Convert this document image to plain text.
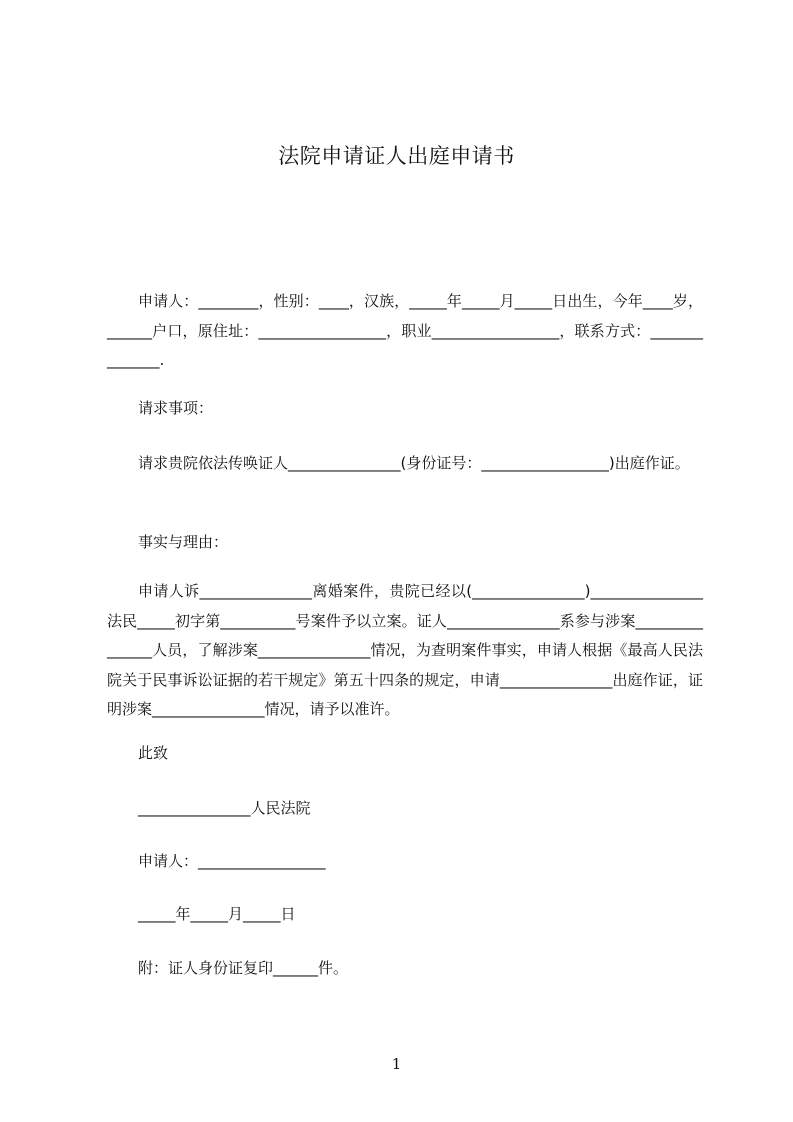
法院申请证人出庭申请书
申请人：________，性别：____，汉族，_____年_____月_____日出生，今年____岁，______户口，原住址：_________________，职业_________________，联系方式：______________.
请求事项：
请求贵院依法传唤证人_______________(身份证号：_________________)出庭作证。
事实与理由：
申请人诉_______________离婚案件，贵院已经以(_______________)_______________法民_____初字第__________号案件予以立案。证人_______________系参与涉案_______________人员，了解涉案_______________情况，为查明案件事实，申请人根据《最高人民法院关于民事诉讼证据的若干规定》第五十四条的规定，申请_______________出庭作证，证明涉案_______________情况，请予以准许。
此致
_______________人民法院
申请人：_________________
_____年_____月_____日
附：证人身份证复印______件。
1
